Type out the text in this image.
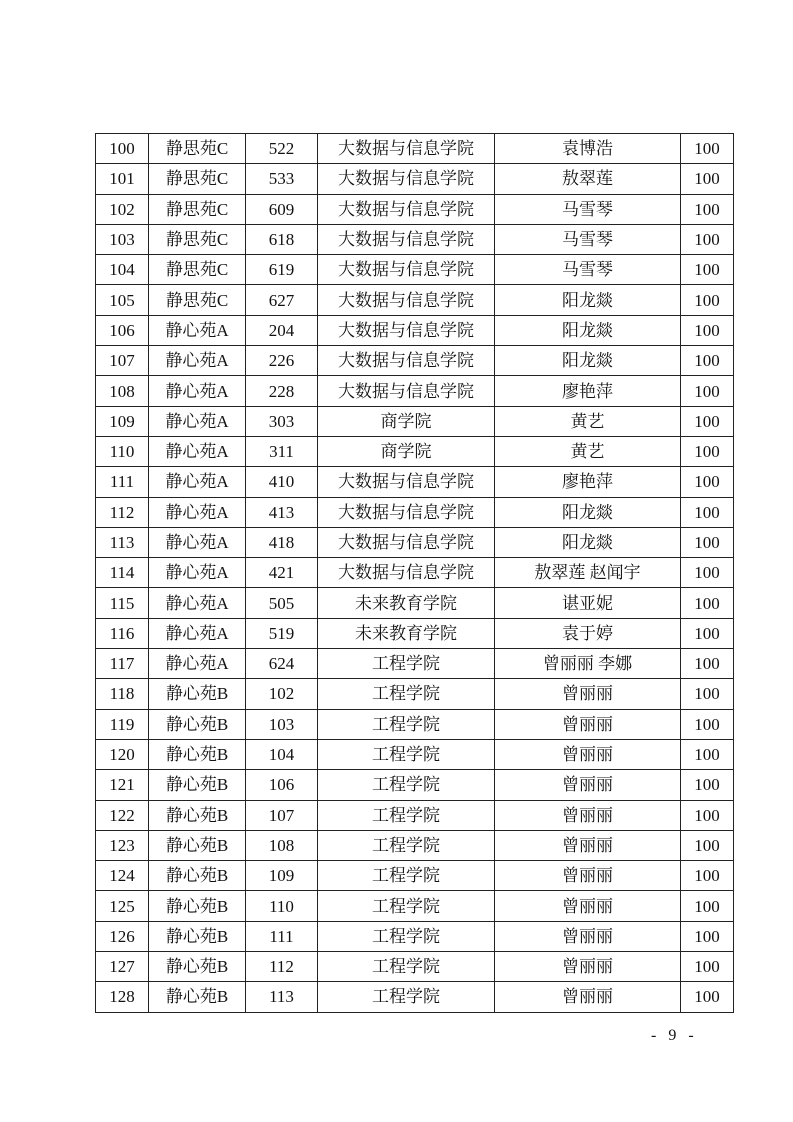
100	静思苑C	522	大数据与信息学院	袁博浩	100
101	静思苑C	533	大数据与信息学院	敖翠莲	100
102	静思苑C	609	大数据与信息学院	马雪琴	100
103	静思苑C	618	大数据与信息学院	马雪琴	100
104	静思苑C	619	大数据与信息学院	马雪琴	100
105	静思苑C	627	大数据与信息学院	阳龙燚	100
106	静心苑A	204	大数据与信息学院	阳龙燚	100
107	静心苑A	226	大数据与信息学院	阳龙燚	100
108	静心苑A	228	大数据与信息学院	廖艳萍	100
109	静心苑A	303	商学院	黄艺	100
110	静心苑A	311	商学院	黄艺	100
111	静心苑A	410	大数据与信息学院	廖艳萍	100
112	静心苑A	413	大数据与信息学院	阳龙燚	100
113	静心苑A	418	大数据与信息学院	阳龙燚	100
114	静心苑A	421	大数据与信息学院	敖翠莲 赵闻宇	100
115	静心苑A	505	未来教育学院	谌亚妮	100
116	静心苑A	519	未来教育学院	袁于婷	100
117	静心苑A	624	工程学院	曾丽丽 李娜	100
118	静心苑B	102	工程学院	曾丽丽	100
119	静心苑B	103	工程学院	曾丽丽	100
120	静心苑B	104	工程学院	曾丽丽	100
121	静心苑B	106	工程学院	曾丽丽	100
122	静心苑B	107	工程学院	曾丽丽	100
123	静心苑B	108	工程学院	曾丽丽	100
124	静心苑B	109	工程学院	曾丽丽	100
125	静心苑B	110	工程学院	曾丽丽	100
126	静心苑B	111	工程学院	曾丽丽	100
127	静心苑B	112	工程学院	曾丽丽	100
128	静心苑B	113	工程学院	曾丽丽	100
- 9 -
